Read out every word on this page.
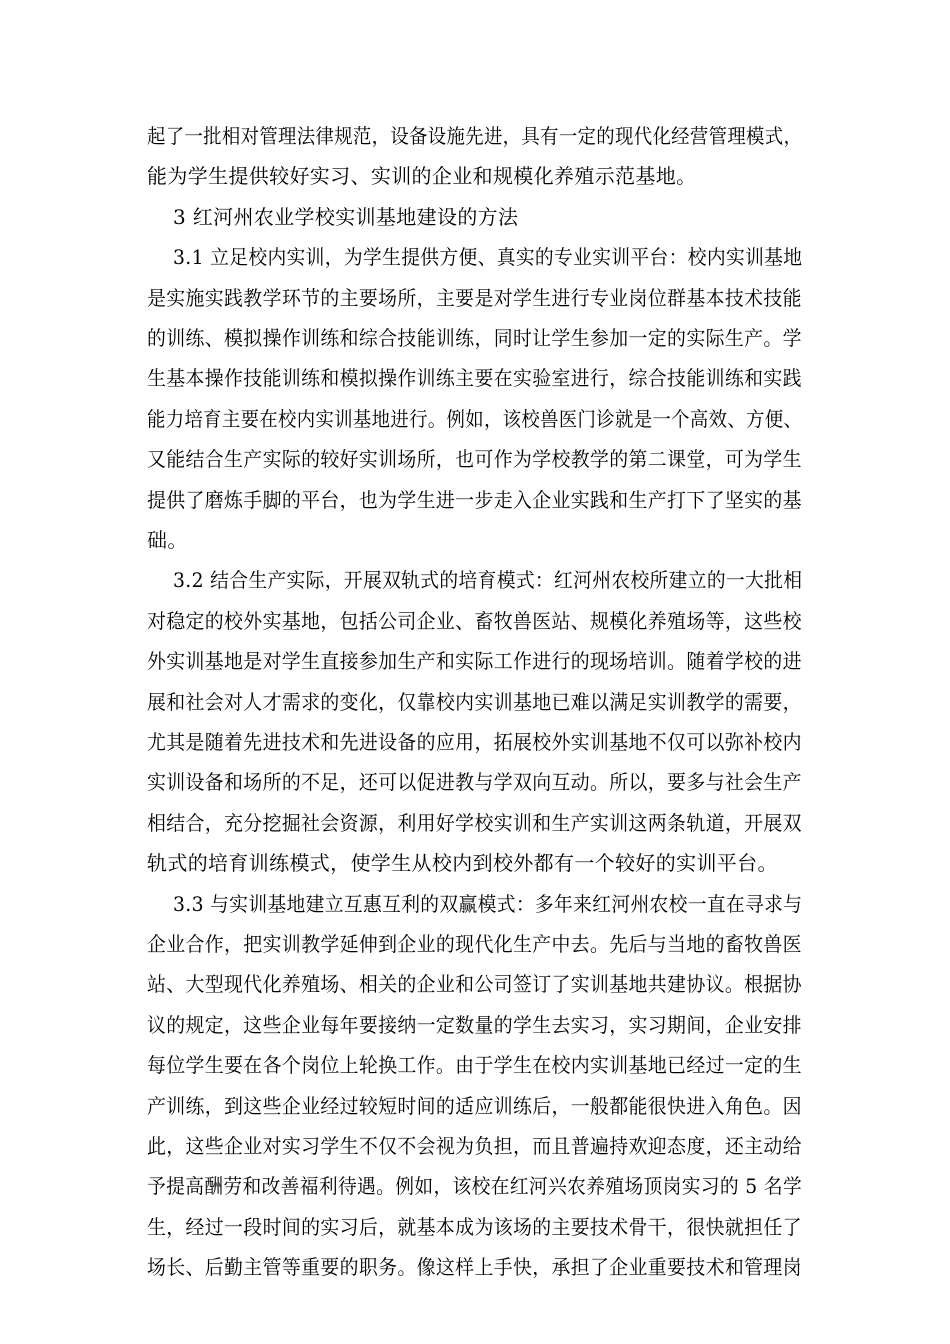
起了一批相对管理法律规范，设备设施先进，具有一定的现代化经营管理模式，
能为学生提供较好实习、实训的企业和规模化养殖示范基地。
3 红河州农业学校实训基地建设的方法
3.1 立足校内实训，为学生提供方便、真实的专业实训平台：校内实训基地
是实施实践教学环节的主要场所，主要是对学生进行专业岗位群基本技术技能
的训练、模拟操作训练和综合技能训练，同时让学生参加一定的实际生产。学
生基本操作技能训练和模拟操作训练主要在实验室进行，综合技能训练和实践
能力培育主要在校内实训基地进行。例如，该校兽医门诊就是一个高效、方便、
又能结合生产实际的较好实训场所，也可作为学校教学的第二课堂，可为学生
提供了磨炼手脚的平台，也为学生进一步走入企业实践和生产打下了坚实的基
础。
3.2 结合生产实际，开展双轨式的培育模式：红河州农校所建立的一大批相
对稳定的校外实基地，包括公司企业、畜牧兽医站、规模化养殖场等，这些校
外实训基地是对学生直接参加生产和实际工作进行的现场培训。随着学校的进
展和社会对人才需求的变化，仅靠校内实训基地已难以满足实训教学的需要，
尤其是随着先进技术和先进设备的应用，拓展校外实训基地不仅可以弥补校内
实训设备和场所的不足，还可以促进教与学双向互动。所以，要多与社会生产
相结合，充分挖掘社会资源，利用好学校实训和生产实训这两条轨道，开展双
轨式的培育训练模式，使学生从校内到校外都有一个较好的实训平台。
3.3 与实训基地建立互惠互利的双赢模式：多年来红河州农校一直在寻求与
企业合作，把实训教学延伸到企业的现代化生产中去。先后与当地的畜牧兽医
站、大型现代化养殖场、相关的企业和公司签订了实训基地共建协议。根据协
议的规定，这些企业每年要接纳一定数量的学生去实习，实习期间，企业安排
每位学生要在各个岗位上轮换工作。由于学生在校内实训基地已经过一定的生
产训练，到这些企业经过较短时间的适应训练后，一般都能很快进入角色。因
此，这些企业对实习学生不仅不会视为负担，而且普遍持欢迎态度，还主动给
予提高酬劳和改善福利待遇。例如，该校在红河兴农养殖场顶岗实习的 5 名学
生，经过一段时间的实习后，就基本成为该场的主要技术骨干，很快就担任了
场长、后勤主管等重要的职务。像这样上手快，承担了企业重要技术和管理岗
